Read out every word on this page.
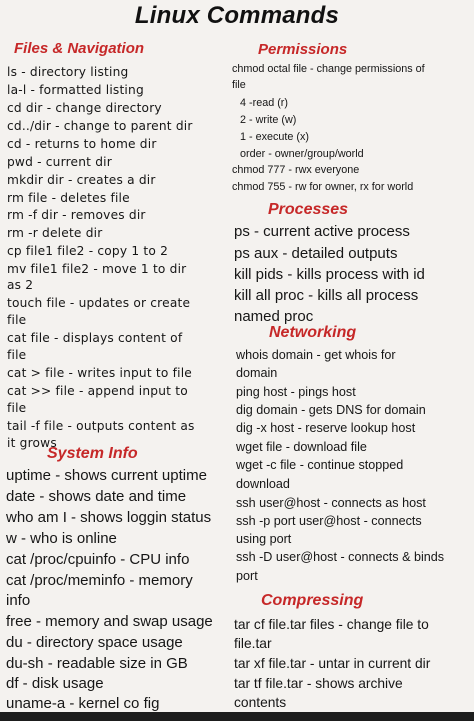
Linux Commands
Files & Navigation
ls - directory listing
la-l - formatted listing
cd dir - change directory
cd../dir - change to parent dir
cd - returns to home dir
pwd - current dir
mkdir dir - creates a dir
rm file - deletes file
rm -f dir - removes dir
rm -r delete dir
cp file1 file2 - copy 1 to 2
mv file1 file2 - move 1 to dir
as 2
touch file - updates or create
file
cat file - displays content of
file
cat > file - writes input to file
cat >> file - append input to
file
tail -f file - outputs content as
it grows
System Info
uptime - shows current uptime
date - shows date and time
who am I - shows loggin status
w - who is online
cat /proc/cpuinfo - CPU info
cat /proc/meminfo - memory
info
free - memory and swap usage
du - directory space usage
du-sh - readable size in GB
df - disk usage
uname-a - kernel co fig
Permissions
chmod octal file - change permissions of
file
4 -read (r)
2 - write (w)
1 - execute (x)
order - owner/group/world
chmod 777 - rwx everyone
chmod 755 - rw for owner, rx for world
Processes
ps - current active process
ps aux - detailed outputs
kill pids - kills process with id
kill all proc - kills all process
named proc
Networking
whois domain - get whois for
domain
ping host - pings host
dig domain - gets DNS for domain
dig -x host - reserve lookup host
wget file - download file
wget -c file - continue stopped
download
ssh user@host - connects as host
ssh -p port user@host - connects
using port
ssh -D user@host - connects & binds
port
Compressing
tar cf file.tar files - change file to
file.tar
tar xf file.tar - untar in current dir
tar tf file.tar - shows archive
contents
